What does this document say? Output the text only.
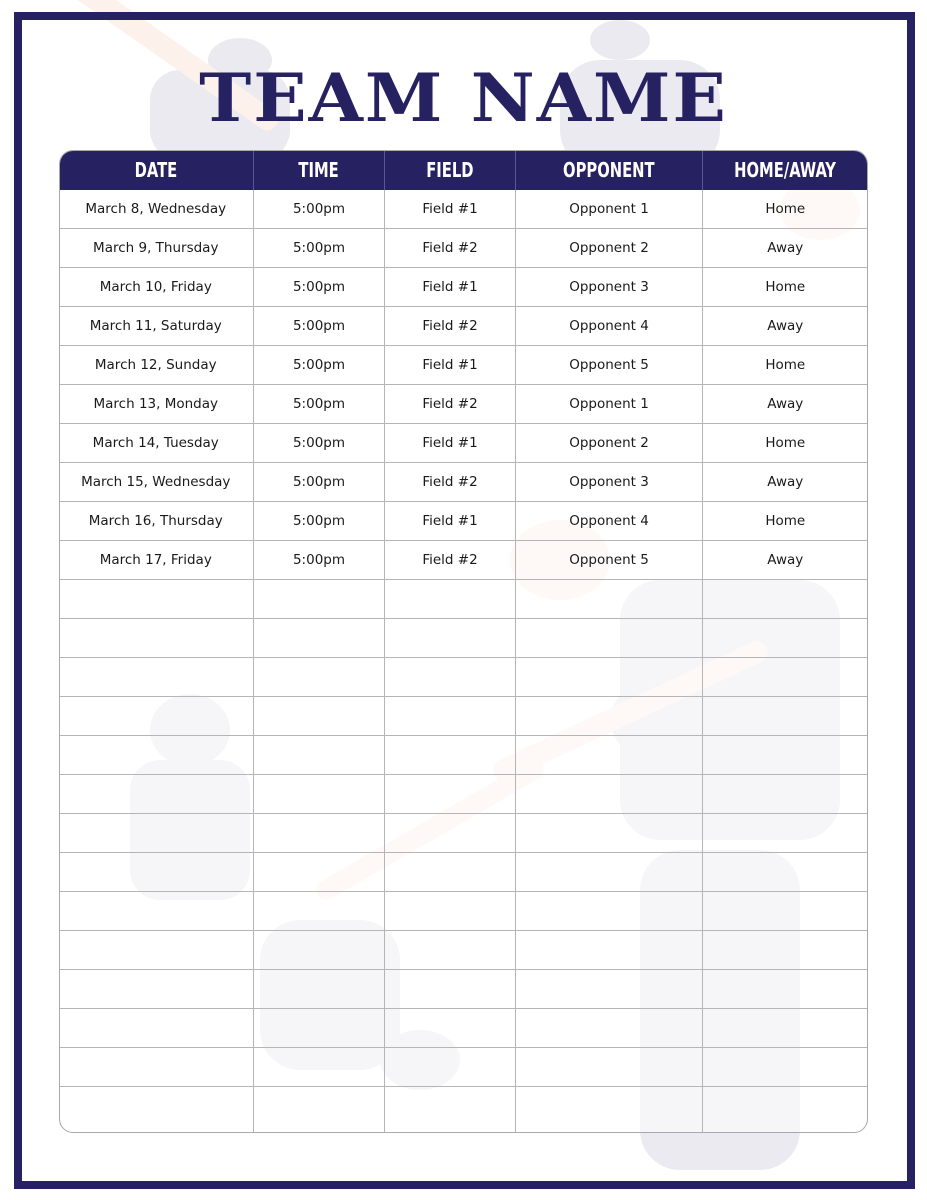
TEAM NAME
DATE	TIME	FIELD	OPPONENT	HOME/AWAY
March 8, Wednesday	5:00pm	Field #1	Opponent 1	Home
March 9, Thursday	5:00pm	Field #2	Opponent 2	Away
March 10, Friday	5:00pm	Field #1	Opponent 3	Home
March 11, Saturday	5:00pm	Field #2	Opponent 4	Away
March 12, Sunday	5:00pm	Field #1	Opponent 5	Home
March 13, Monday	5:00pm	Field #2	Opponent 1	Away
March 14, Tuesday	5:00pm	Field #1	Opponent 2	Home
March 15, Wednesday	5:00pm	Field #2	Opponent 3	Away
March 16, Thursday	5:00pm	Field #1	Opponent 4	Home
March 17, Friday	5:00pm	Field #2	Opponent 5	Away
